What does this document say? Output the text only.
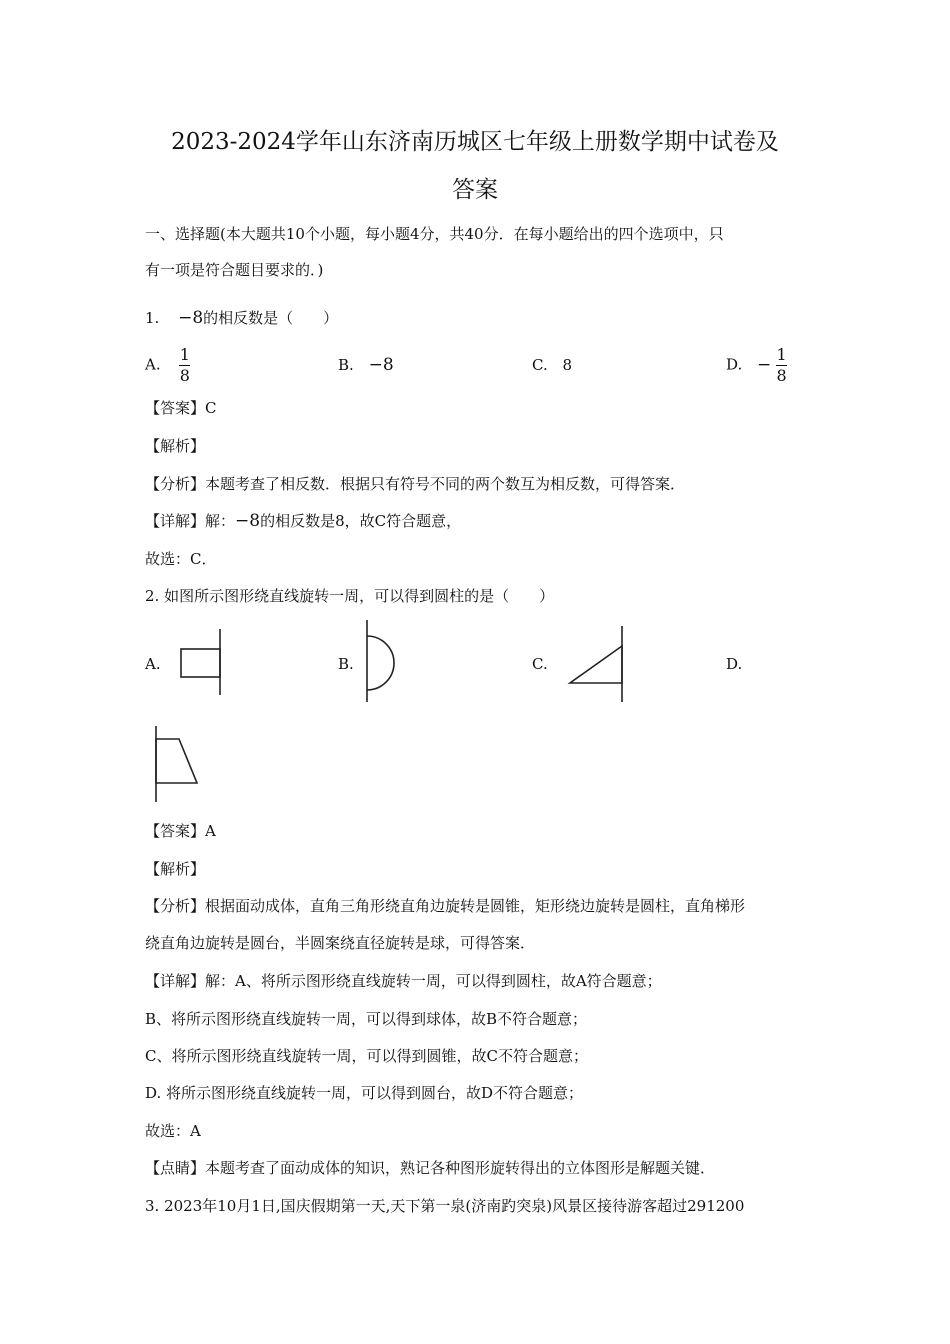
2023-2024学年山东济南历城区七年级上册数学期中试卷及
答案
一、选择题(本大题共10个小题，每小题4分，共40分．在每小题给出的四个选项中，只
有一项是符合题目要求的．)
1. −8的相反数是（　　）
A. $\frac{1}{8}$	B. −8	C. 8	D. − $\frac{1}{8}$
【答案】C
【解析】
【分析】本题考查了相反数．根据只有符号不同的两个数互为相反数，可得答案．
【详解】解：−8的相反数是8，故C符合题意，
故选：C．
2. 如图所示图形绕直线旋转一周，可以得到圆柱的是（　　）
A.	B.	C.	D.
【答案】A
【解析】
【分析】根据面动成体，直角三角形绕直角边旋转是圆锥，矩形绕边旋转是圆柱，直角梯形
绕直角边旋转是圆台，半圆案绕直径旋转是球，可得答案．
【详解】解：A、将所示图形绕直线旋转一周，可以得到圆柱，故A符合题意；
B、将所示图形绕直线旋转一周，可以得到球体，故B不符合题意；
C、将所示图形绕直线旋转一周，可以得到圆锥，故C不符合题意；
D. 将所示图形绕直线旋转一周，可以得到圆台，故D不符合题意；
故选：A
【点睛】本题考查了面动成体的知识，熟记各种图形旋转得出的立体图形是解题关键．
3. 2023年10月1日,国庆假期第一天,天下第一泉(济南趵突泉)风景区接待游客超过291200
